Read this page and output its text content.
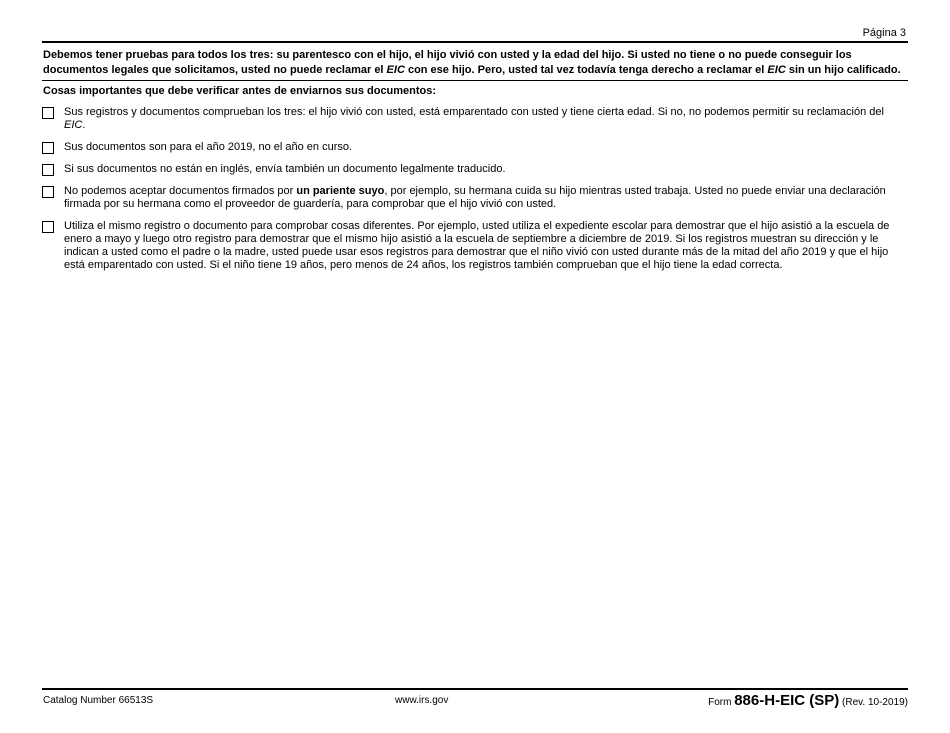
Página 3
Debemos tener pruebas para todos los tres: su parentesco con el hijo, el hijo vivió con usted y la edad del hijo. Si usted no tiene o no puede conseguir los documentos legales que solicitamos, usted no puede reclamar el EIC con ese hijo. Pero, usted tal vez todavía tenga derecho a reclamar el EIC sin un hijo calificado.
Cosas importantes que debe verificar antes de enviarnos sus documentos:
Sus registros y documentos comprueban los tres: el hijo vivió con usted, está emparentado con usted y tiene cierta edad. Si no, no podemos permitir su reclamación del EIC.
Sus documentos son para el año 2019, no el año en curso.
Si sus documentos no están en inglés, envía también un documento legalmente traducido.
No podemos aceptar documentos firmados por un pariente suyo, por ejemplo, su hermana cuida su hijo mientras usted trabaja. Usted no puede enviar una declaración firmada por su hermana como el proveedor de guardería, para comprobar que el hijo vivió con usted.
Utiliza el mismo registro o documento para comprobar cosas diferentes. Por ejemplo, usted utiliza el expediente escolar para demostrar que el hijo asistió a la escuela de enero a mayo y luego otro registro para demostrar que el mismo hijo asistió a la escuela de septiembre a diciembre de 2019. Si los registros muestran su dirección y le indican a usted como el padre o la madre, usted puede usar esos registros para demostrar que el niño vivió con usted durante más de la mitad del año 2019 y que el hijo está emparentado con usted. Si el niño tiene 19 años, pero menos de 24 años, los registros también comprueban que el hijo tiene la edad correcta.
Catalog Number 66513S	www.irs.gov	Form 886-H-EIC (SP) (Rev. 10-2019)
